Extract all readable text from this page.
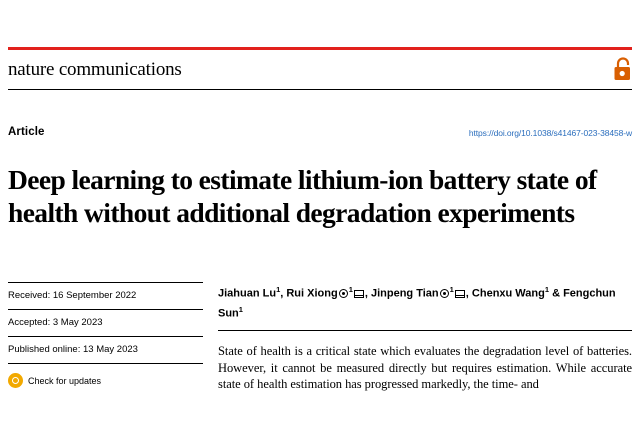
nature communications
Article	https://doi.org/10.1038/s41467-023-38458-w
Deep learning to estimate lithium-ion battery state of health without additional degradation experiments
Received: 16 September 2022
Accepted: 3 May 2023
Published online: 13 May 2023
Check for updates
Jiahuan Lu$^1$, Rui Xiong $^1$ , Jinpeng Tian $^1$ , Chenxu Wang$^1$ & Fengchun Sun$^1$
State of health is a critical state which evaluates the degradation level of batteries. However, it cannot be measured directly but requires estimation. While accurate state of health estimation has progressed markedly, the time- and
